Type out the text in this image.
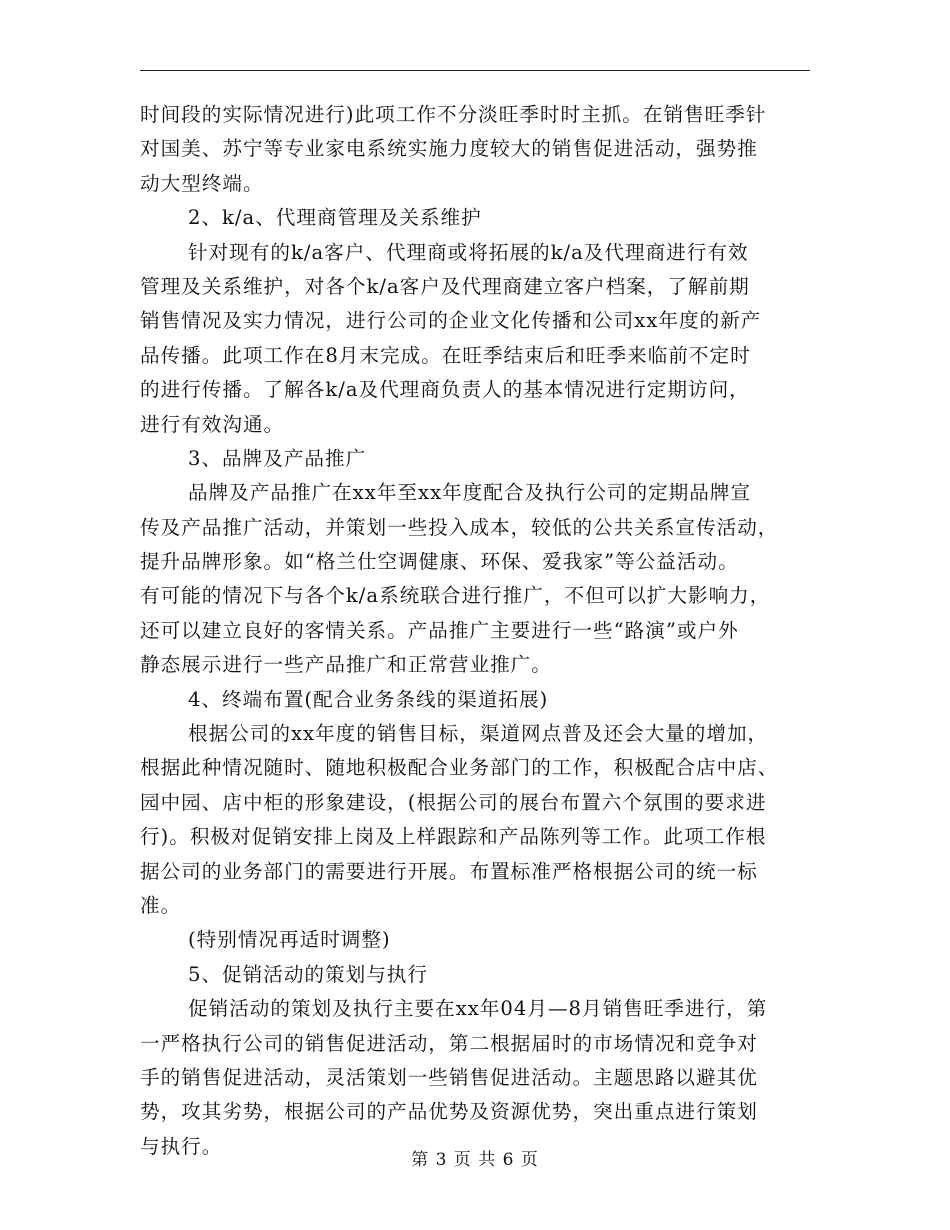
时间段的实际情况进行)此项工作不分淡旺季时时主抓。在销售旺季针
对国美、苏宁等专业家电系统实施力度较大的销售促进活动，强势推
动大型终端。
2、k/a、代理商管理及关系维护
针对现有的k/a客户、代理商或将拓展的k/a及代理商进行有效
管理及关系维护，对各个k/a客户及代理商建立客户档案，了解前期
销售情况及实力情况，进行公司的企业文化传播和公司xx年度的新产
品传播。此项工作在8月末完成。在旺季结束后和旺季来临前不定时
的进行传播。了解各k/a及代理商负责人的基本情况进行定期访问，
进行有效沟通。
3、品牌及产品推广
品牌及产品推广在xx年至xx年度配合及执行公司的定期品牌宣
传及产品推广活动，并策划一些投入成本，较低的公共关系宣传活动，
提升品牌形象。如“格兰仕空调健康、环保、爱我家”等公益活动。
有可能的情况下与各个k/a系统联合进行推广，不但可以扩大影响力，
还可以建立良好的客情关系。产品推广主要进行一些“路演”或户外
静态展示进行一些产品推广和正常营业推广。
4、终端布置(配合业务条线的渠道拓展)
根据公司的xx年度的销售目标，渠道网点普及还会大量的增加，
根据此种情况随时、随地积极配合业务部门的工作，积极配合店中店、
园中园、店中柜的形象建设，(根据公司的展台布置六个氛围的要求进
行)。积极对促销安排上岗及上样跟踪和产品陈列等工作。此项工作根
据公司的业务部门的需要进行开展。布置标准严格根据公司的统一标
准。
(特别情况再适时调整)
5、促销活动的策划与执行
促销活动的策划及执行主要在xx年04月—8月销售旺季进行，第
一严格执行公司的销售促进活动，第二根据届时的市场情况和竞争对
手的销售促进活动，灵活策划一些销售促进活动。主题思路以避其优
势，攻其劣势，根据公司的产品优势及资源优势，突出重点进行策划
与执行。
第 3 页 共 6 页
